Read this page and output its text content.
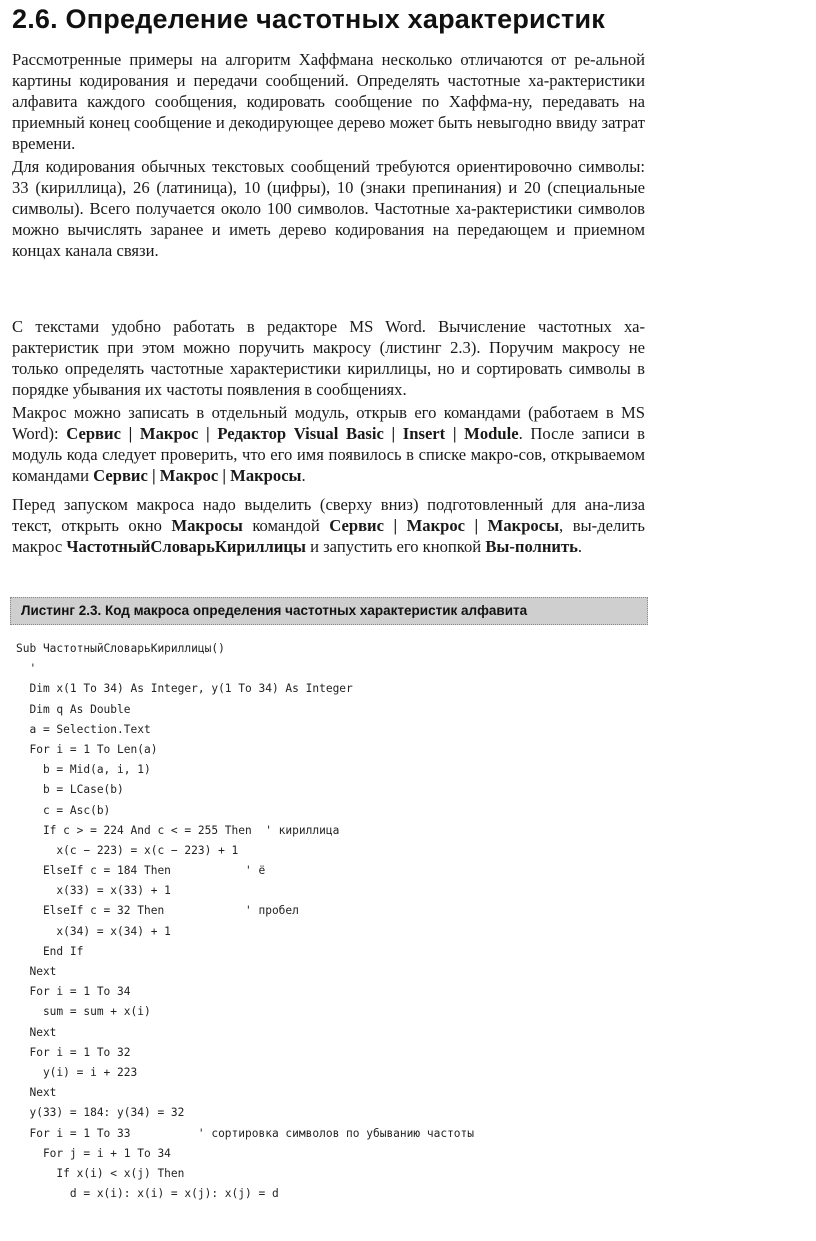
2.6. Определение частотных характеристик

Рассмотренные примеры на алгоритм Хаффмана несколько отличаются от ре-альной картины кодирования и передачи сообщений. Определять частотные ха-рактеристики алфавита каждого сообщения, кодировать сообщение по Хаффма-ну, передавать на приемный конец сообщение и декодирующее дерево может быть невыгодно ввиду затрат времени.

Для кодирования обычных текстовых сообщений требуются ориентировочно символы: 33 (кириллица), 26 (латиница), 10 (цифры), 10 (знаки препинания) и 20 (специальные символы). Всего получается около 100 символов. Частотные ха-рактеристики символов можно вычислять заранее и иметь дерево кодирования на передающем и приемном концах канала связи.

С текстами удобно работать в редакторе MS Word. Вычисление частотных ха-рактеристик при этом можно поручить макросу (листинг 2.3). Поручим макросу не только определять частотные характеристики кириллицы, но и сортировать символы в порядке убывания их частоты появления в сообщениях.

Макрос можно записать в отдельный модуль, открыв его командами (работаем в MS Word): Сервис | Макрос | Редактор Visual Basic | Insert | Module. После записи в модуль кода следует проверить, что его имя появилось в списке макро-сов, открываемом командами Сервис | Макрос | Макросы.

Перед запуском макроса надо выделить (сверху вниз) подготовленный для ана-лиза текст, открыть окно Макросы командой Сервис | Макрос | Макросы, вы-делить макрос ЧастотныйСловарьКириллицы и запустить его кнопкой Вы-полнить.

Листинг 2.3. Код макроса определения частотных характеристик алфавита
Sub ЧастотныйСловарьКириллицы()
'
Dim x(1 To 34) As Integer, y(1 To 34) As Integer
Dim q As Double
a = Selection.Text
For i = 1 To Len(a)
b = Mid(a, i, 1)
b = LCase(b)
c = Asc(b)
If c > = 224 And c < = 255 Then  ' кириллица
x(c − 223) = x(c − 223) + 1
ElseIf c = 184 Then           ' ё
x(33) = x(33) + 1
ElseIf c = 32 Then            ' пробел
x(34) = x(34) + 1
End If
Next
For i = 1 To 34
sum = sum + x(i)
Next
For i = 1 To 32
y(i) = i + 223
Next
y(33) = 184: y(34) = 32
For i = 1 To 33          ' сортировка символов по убыванию частоты
For j = i + 1 To 34
If x(i) < x(j) Then
d = x(i): x(i) = x(j): x(j) = d
